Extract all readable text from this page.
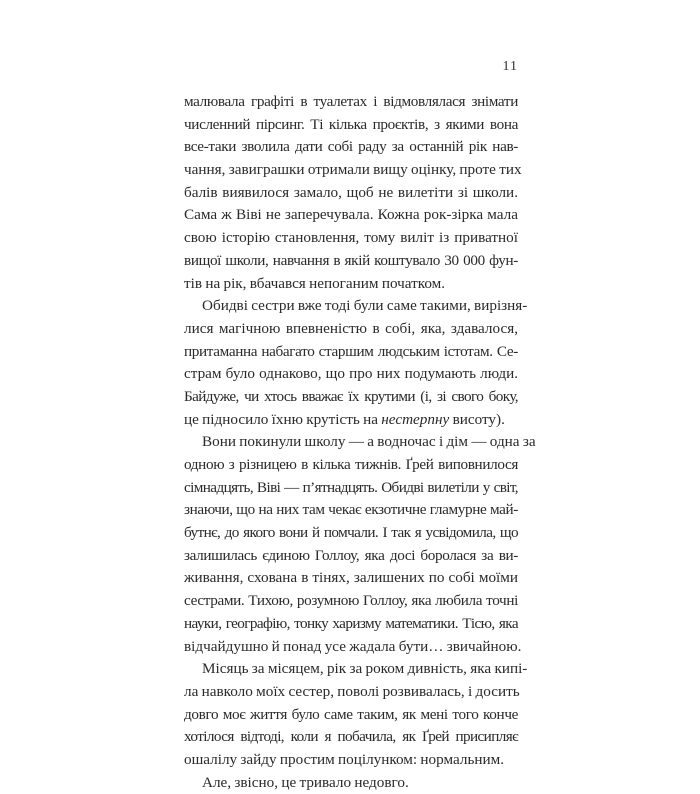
11
малювала графіті в туалетах і відмовлялася знімати
численний пірсинг. Ті кілька проєктів, з якими вона
все-таки зволила дати собі раду за останній рік нав-
чання, завиграшки отримали вищу оцінку, проте тих
балів виявилося замало, щоб не вилетіти зі школи.
Сама ж Віві не заперечувала. Кожна рок-зірка мала
свою історію становлення, тому виліт із приватної
вищої школи, навчання в якій коштувало 30 000 фун-
тів на рік, вбачався непоганим початком.
Обидві сестри вже тоді були саме такими, вирізня-
лися магічною впевненістю в собі, яка, здавалося,
притаманна набагато старшим людським істотам. Се-
страм було однаково, що про них подумають люди.
Байдуже, чи хтось вважає їх крутими (і, зі свого боку,
це підносило їхню крутість на нестерпну висоту).
Вони покинули школу — а водночас і дім — одна за
одною з різницею в кілька тижнів. Ґрей виповнилося
сімнадцять, Віві — п’ятнадцять. Обидві вилетіли у світ,
знаючи, що на них там чекає екзотичне гламурне май-
бутнє, до якого вони й помчали. І так я усвідомила, що
залишилась єдиною Голлоу, яка досі боролася за ви-
живання, схована в тінях, залишених по собі моїми
сестрами. Тихою, розумною Голлоу, яка любила точні
науки, географію, тонку харизму математики. Тісю, яка
відчайдушно й понад усе жадала бути… звичайною.
Місяць за місяцем, рік за роком дивність, яка кипі-
ла навколо моїх сестер, поволі розвивалась, і досить
довго моє життя було саме таким, як мені того конче
хотілося відтоді, коли я побачила, як Ґрей присипляє
ошалілу зайду простим поцілунком: нормальним.
Але, звісно, це тривало недовго.
